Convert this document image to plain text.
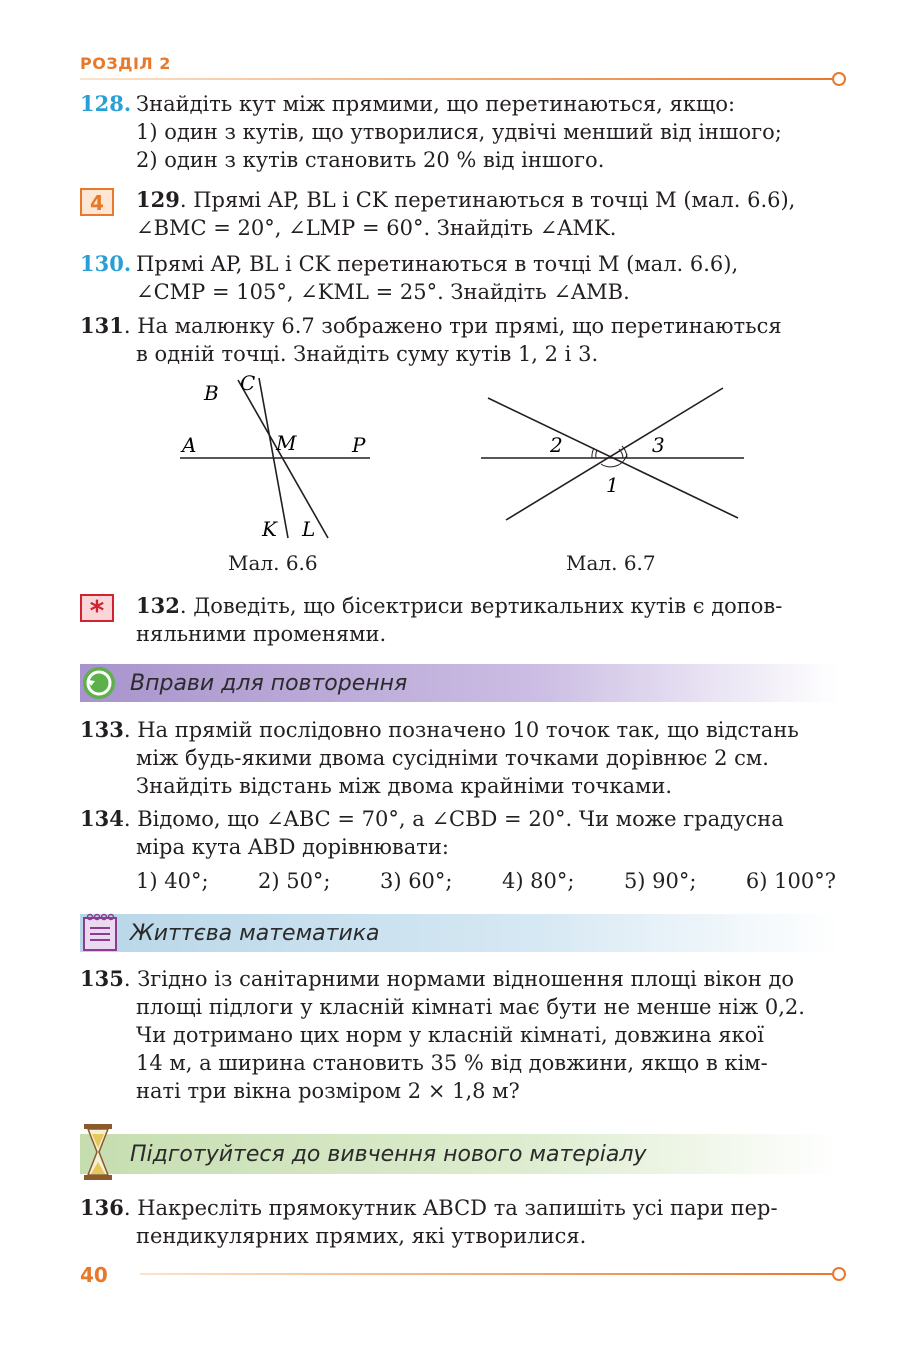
РОЗДІЛ 2
128. Знайдіть кут між прямими, що перетинаються, якщо:
1) один з кутів, що утворилися, удвічі менший від іншого;
2) один з кутів становить 20 % від іншого.
4	129. Прямі AP, BL і CK перетинаються в точці M (мал. 6.6),
∠BMC = 20°, ∠LMP = 60°. Знайдіть ∠AMK.
130. Прямі AP, BL і CK перетинаються в точці M (мал. 6.6),
∠CMP = 105°, ∠KML = 25°. Знайдіть ∠AMB.
131. На малюнку 6.7 зображено три прямі, що перетинаються
в одній точці. Знайдіть суму кутів 1, 2 і 3.
A
B C
M	P
K L
Мал. 6.6
2	3
1
Мал. 6.7
*	132. Доведіть, що бісектриси вертикальних кутів є допов-
няльними променями.
Вправи для повторення
133. На прямій послідовно позначено 10 точок так, що відстань
між будь-якими двома сусідніми точками дорівнює 2 см.
Знайдіть відстань між двома крайніми точками.
134. Відомо, що ∠ABC = 70°, а ∠CBD = 20°. Чи може градусна
міра кута ABD дорівнювати:
1) 40°; 2) 50°; 3) 60°; 4) 80°; 5) 90°; 6) 100°?
Життєва математика
135. Згідно із санітарними нормами відношення площі вікон до
площі підлоги у класній кімнаті має бути не менше ніж 0,2.
Чи дотримано цих норм у класній кімнаті, довжина якої
14 м, а ширина становить 35 % від довжини, якщо в кім-
наті три вікна розміром 2 × 1,8 м?
Підготуйтеся до вивчення нового матеріалу
136. Накресліть прямокутник ABCD та запишіть усі пари пер-
пендикулярних прямих, які утворилися.
40
